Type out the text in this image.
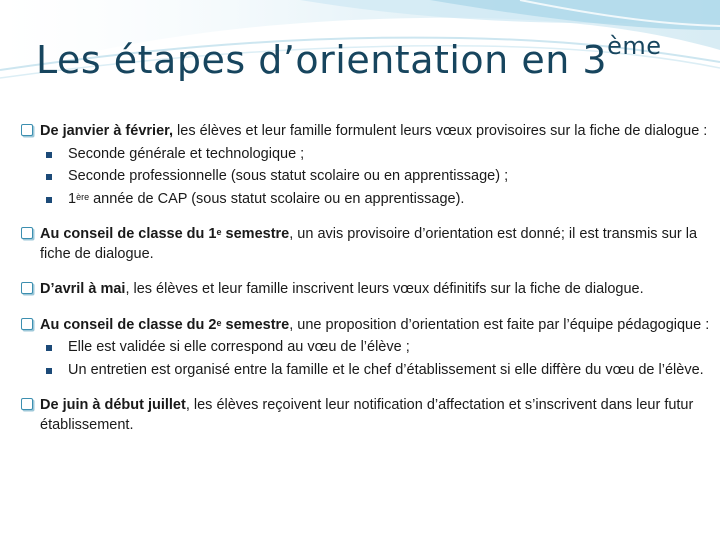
Les étapes d’orientation en 3ème
De janvier à février, les élèves et leur famille formulent leurs vœux provisoires sur la fiche de dialogue :
Seconde générale et technologique ;
Seconde professionnelle (sous statut scolaire ou en apprentissage) ;
1ère année de CAP (sous statut scolaire ou en apprentissage).
Au conseil de classe du 1e semestre, un avis provisoire d’orientation est donné; il est transmis sur la fiche de dialogue.
D’avril à mai, les élèves et leur famille inscrivent leurs vœux définitifs sur la fiche de dialogue.
Au conseil de classe du 2e semestre, une proposition d’orientation est faite par l’équipe pédagogique :
Elle est validée si elle correspond au vœu de l’élève ;
Un entretien est organisé entre la famille et le chef d’établissement si elle diffère du vœu de l’élève.
De juin à début juillet, les élèves reçoivent leur notification d’affectation et s’inscrivent dans leur futur établissement.
